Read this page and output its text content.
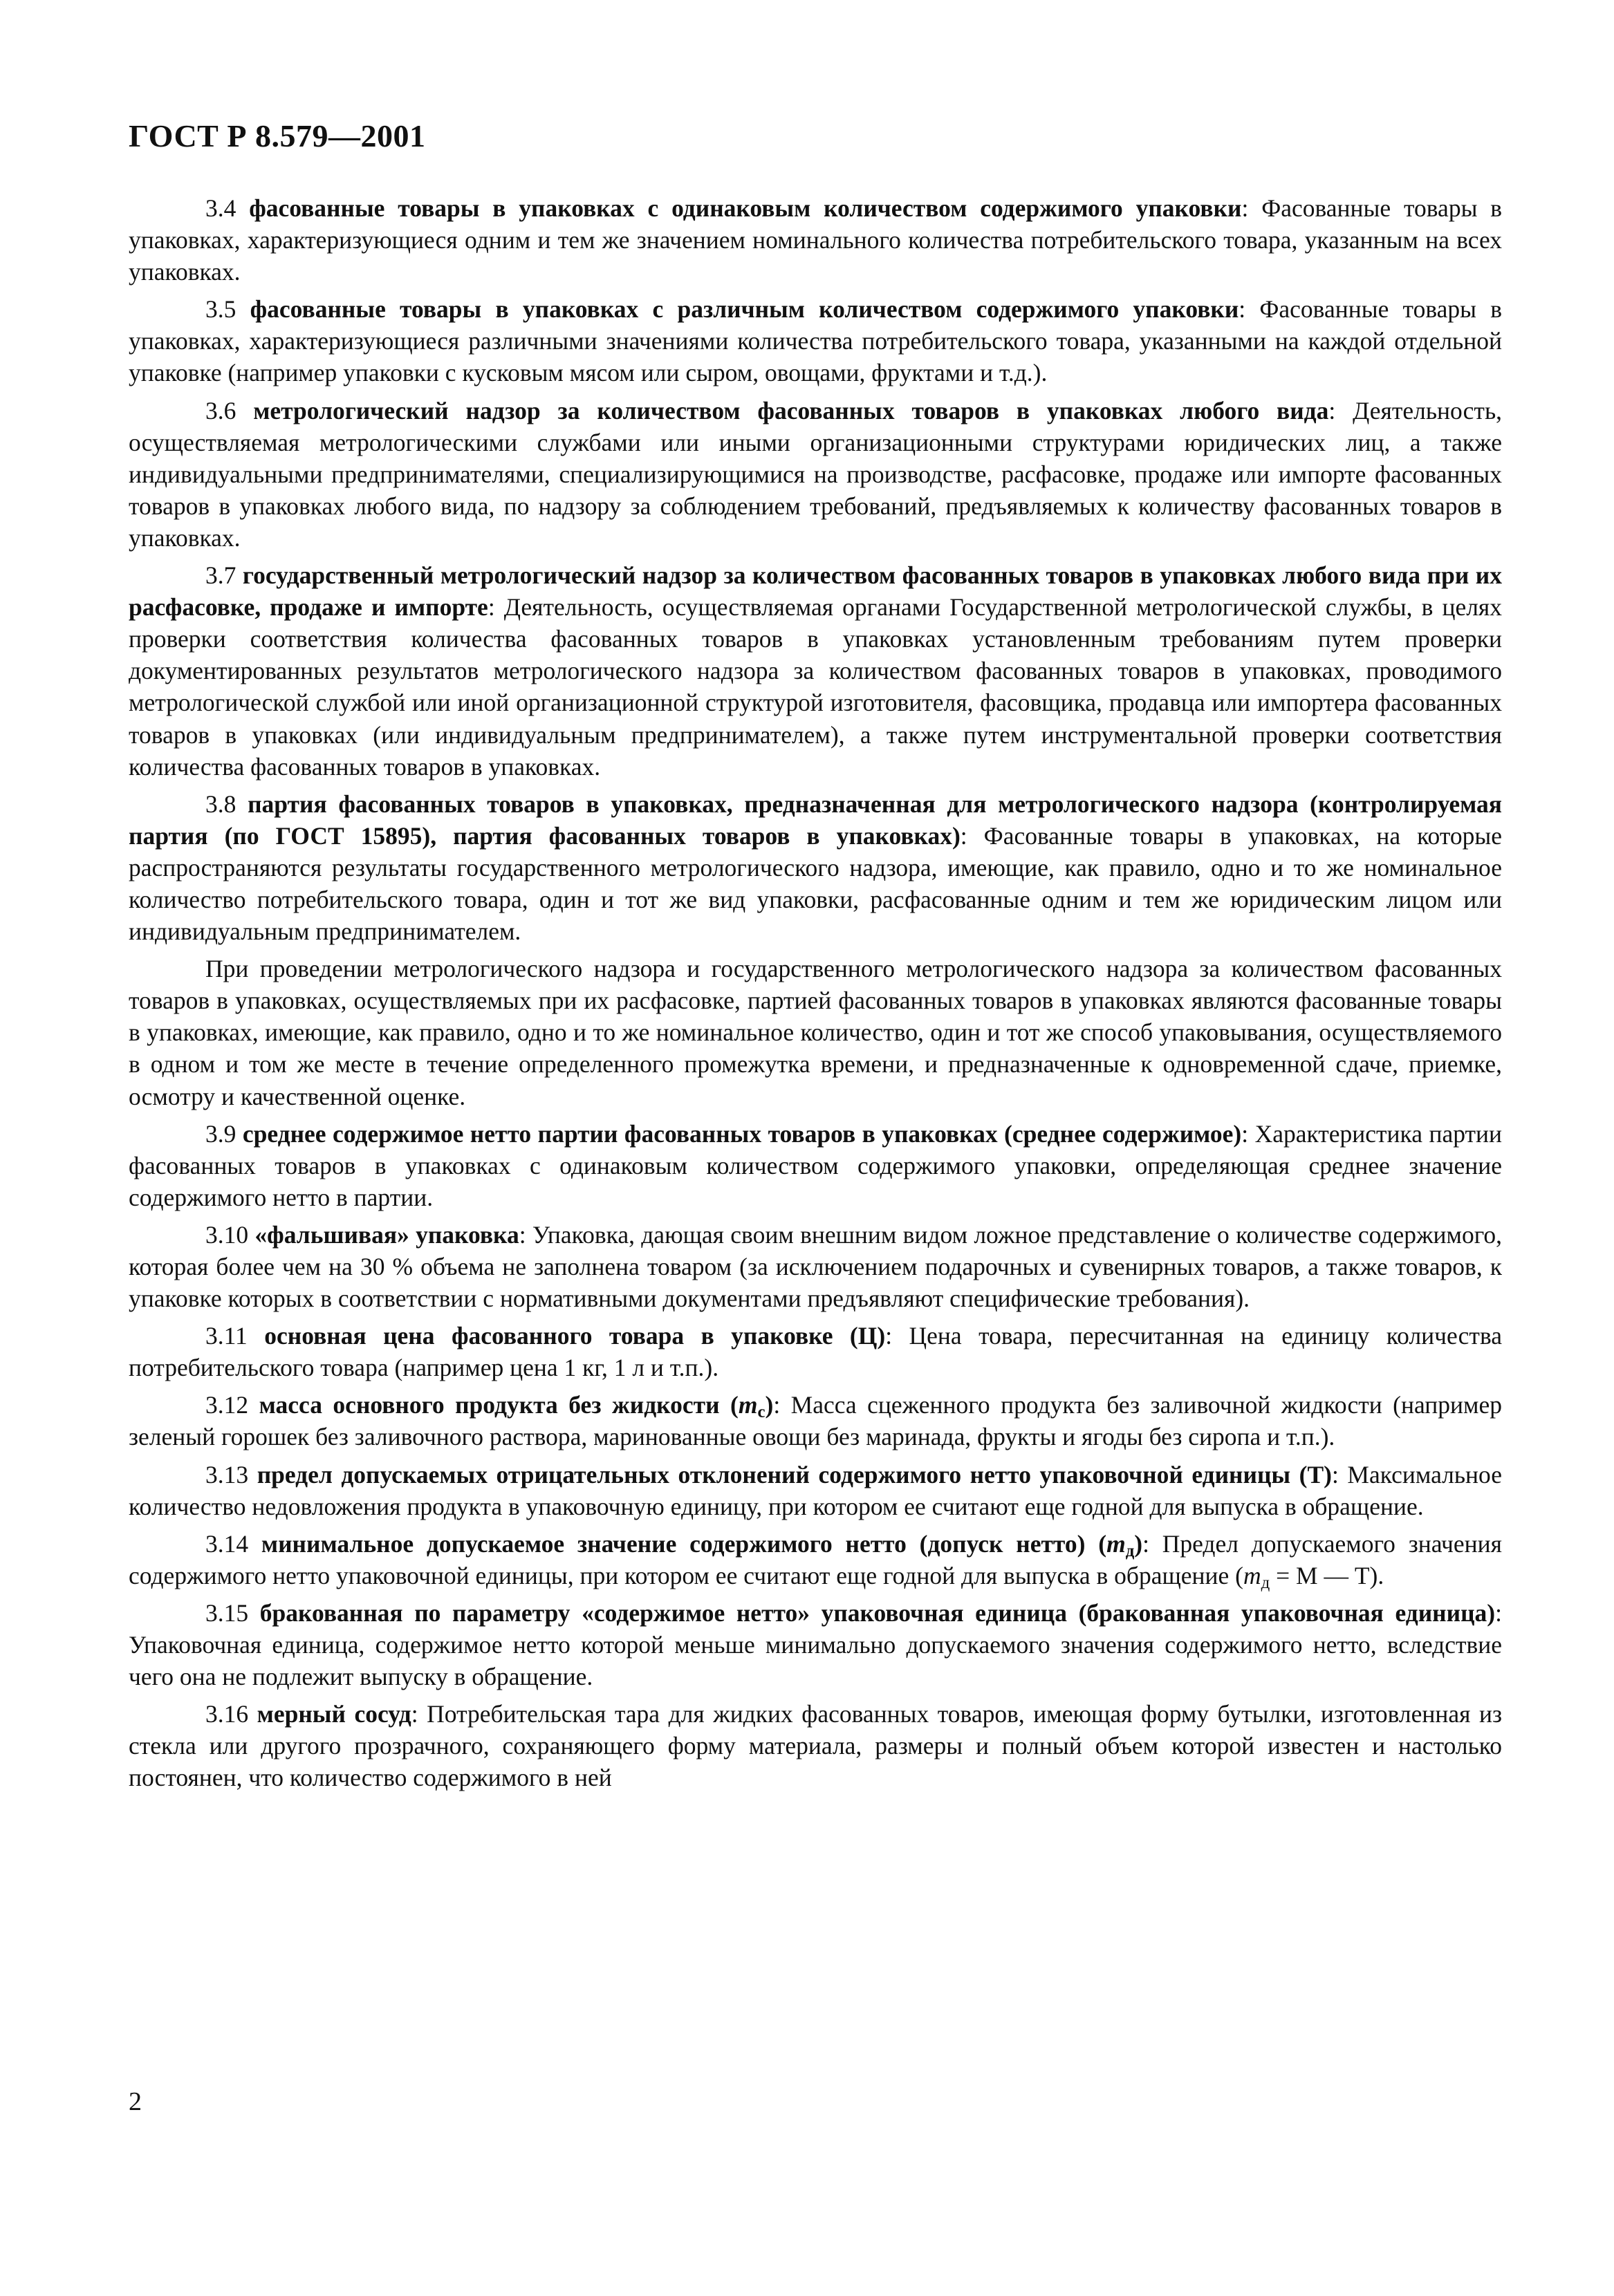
ГОСТ Р 8.579—2001

3.4 фасованные товары в упаковках с одинаковым количеством содержимого упаковки: Фасованные товары в упаковках, характеризующиеся одним и тем же значением номинального количества потребительского товара, указанным на всех упаковках.

3.5 фасованные товары в упаковках с различным количеством содержимого упаковки: Фасованные товары в упаковках, характеризующиеся различными значениями количества потребительского товара, указанными на каждой отдельной упаковке (например упаковки с кусковым мясом или сыром, овощами, фруктами и т.д.).

3.6 метрологический надзор за количеством фасованных товаров в упаковках любого вида: Деятельность, осуществляемая метрологическими службами или иными организационными структурами юридических лиц, а также индивидуальными предпринимателями, специализирующимися на производстве, расфасовке, продаже или импорте фасованных товаров в упаковках любого вида, по надзору за соблюдением требований, предъявляемых к количеству фасованных товаров в упаковках.

3.7 государственный метрологический надзор за количеством фасованных товаров в упаковках любого вида при их расфасовке, продаже и импорте: Деятельность, осуществляемая органами Государственной метрологической службы, в целях проверки соответствия количества фасованных товаров в упаковках установленным требованиям путем проверки документированных результатов метрологического надзора за количеством фасованных товаров в упаковках, проводимого метрологической службой или иной организационной структурой изготовителя, фасовщика, продавца или импортера фасованных товаров в упаковках (или индивидуальным предпринимателем), а также путем инструментальной проверки соответствия количества фасованных товаров в упаковках.

3.8 партия фасованных товаров в упаковках, предназначенная для метрологического надзора (контролируемая партия (по ГОСТ 15895), партия фасованных товаров в упаковках): Фасованные товары в упаковках, на которые распространяются результаты государственного метрологического надзора, имеющие, как правило, одно и то же номинальное количество потребительского товара, один и тот же вид упаковки, расфасованные одним и тем же юридическим лицом или индивидуальным предпринимателем.

При проведении метрологического надзора и государственного метрологического надзора за количеством фасованных товаров в упаковках, осуществляемых при их расфасовке, партией фасованных товаров в упаковках являются фасованные товары в упаковках, имеющие, как правило, одно и то же номинальное количество, один и тот же способ упаковывания, осуществляемого в одном и том же месте в течение определенного промежутка времени, и предназначенные к одновременной сдаче, приемке, осмотру и качественной оценке.

3.9 среднее содержимое нетто партии фасованных товаров в упаковках (среднее содержимое): Характеристика партии фасованных товаров в упаковках с одинаковым количеством содержимого упаковки, определяющая среднее значение содержимого нетто в партии.

3.10 «фальшивая» упаковка: Упаковка, дающая своим внешним видом ложное представление о количестве содержимого, которая более чем на 30 % объема не заполнена товаром (за исключением подарочных и сувенирных товаров, а также товаров, к упаковке которых в соответствии с нормативными документами предъявляют специфические требования).

3.11 основная цена фасованного товара в упаковке (Ц): Цена товара, пересчитанная на единицу количества потребительского товара (например цена 1 кг, 1 л и т.п.).

3.12 масса основного продукта без жидкости $(m_c)$: Масса сцеженного продукта без заливочной жидкости (например зеленый горошек без заливочного раствора, маринованные овощи без маринада, фрукты и ягоды без сиропа и т.п.).

3.13 предел допускаемых отрицательных отклонений содержимого нетто упаковочной единицы (Т): Максимальное количество недовложения продукта в упаковочную единицу, при котором ее считают еще годной для выпуска в обращение.

3.14 минимальное допускаемое значение содержимого нетто (допуск нетто) $(m_д)$: Предел допускаемого значения содержимого нетто упаковочной единицы, при котором ее считают еще годной для выпуска в обращение ($m_д = М$ — Т).

3.15 бракованная по параметру «содержимое нетто» упаковочная единица (бракованная упаковочная единица): Упаковочная единица, содержимое нетто которой меньше минимально допускаемого значения содержимого нетто, вследствие чего она не подлежит выпуску в обращение.

3.16 мерный сосуд: Потребительская тара для жидких фасованных товаров, имеющая форму бутылки, изготовленная из стекла или другого прозрачного, сохраняющего форму материала, размеры и полный объем которой известен и настолько постоянен, что количество содержимого в ней

2
